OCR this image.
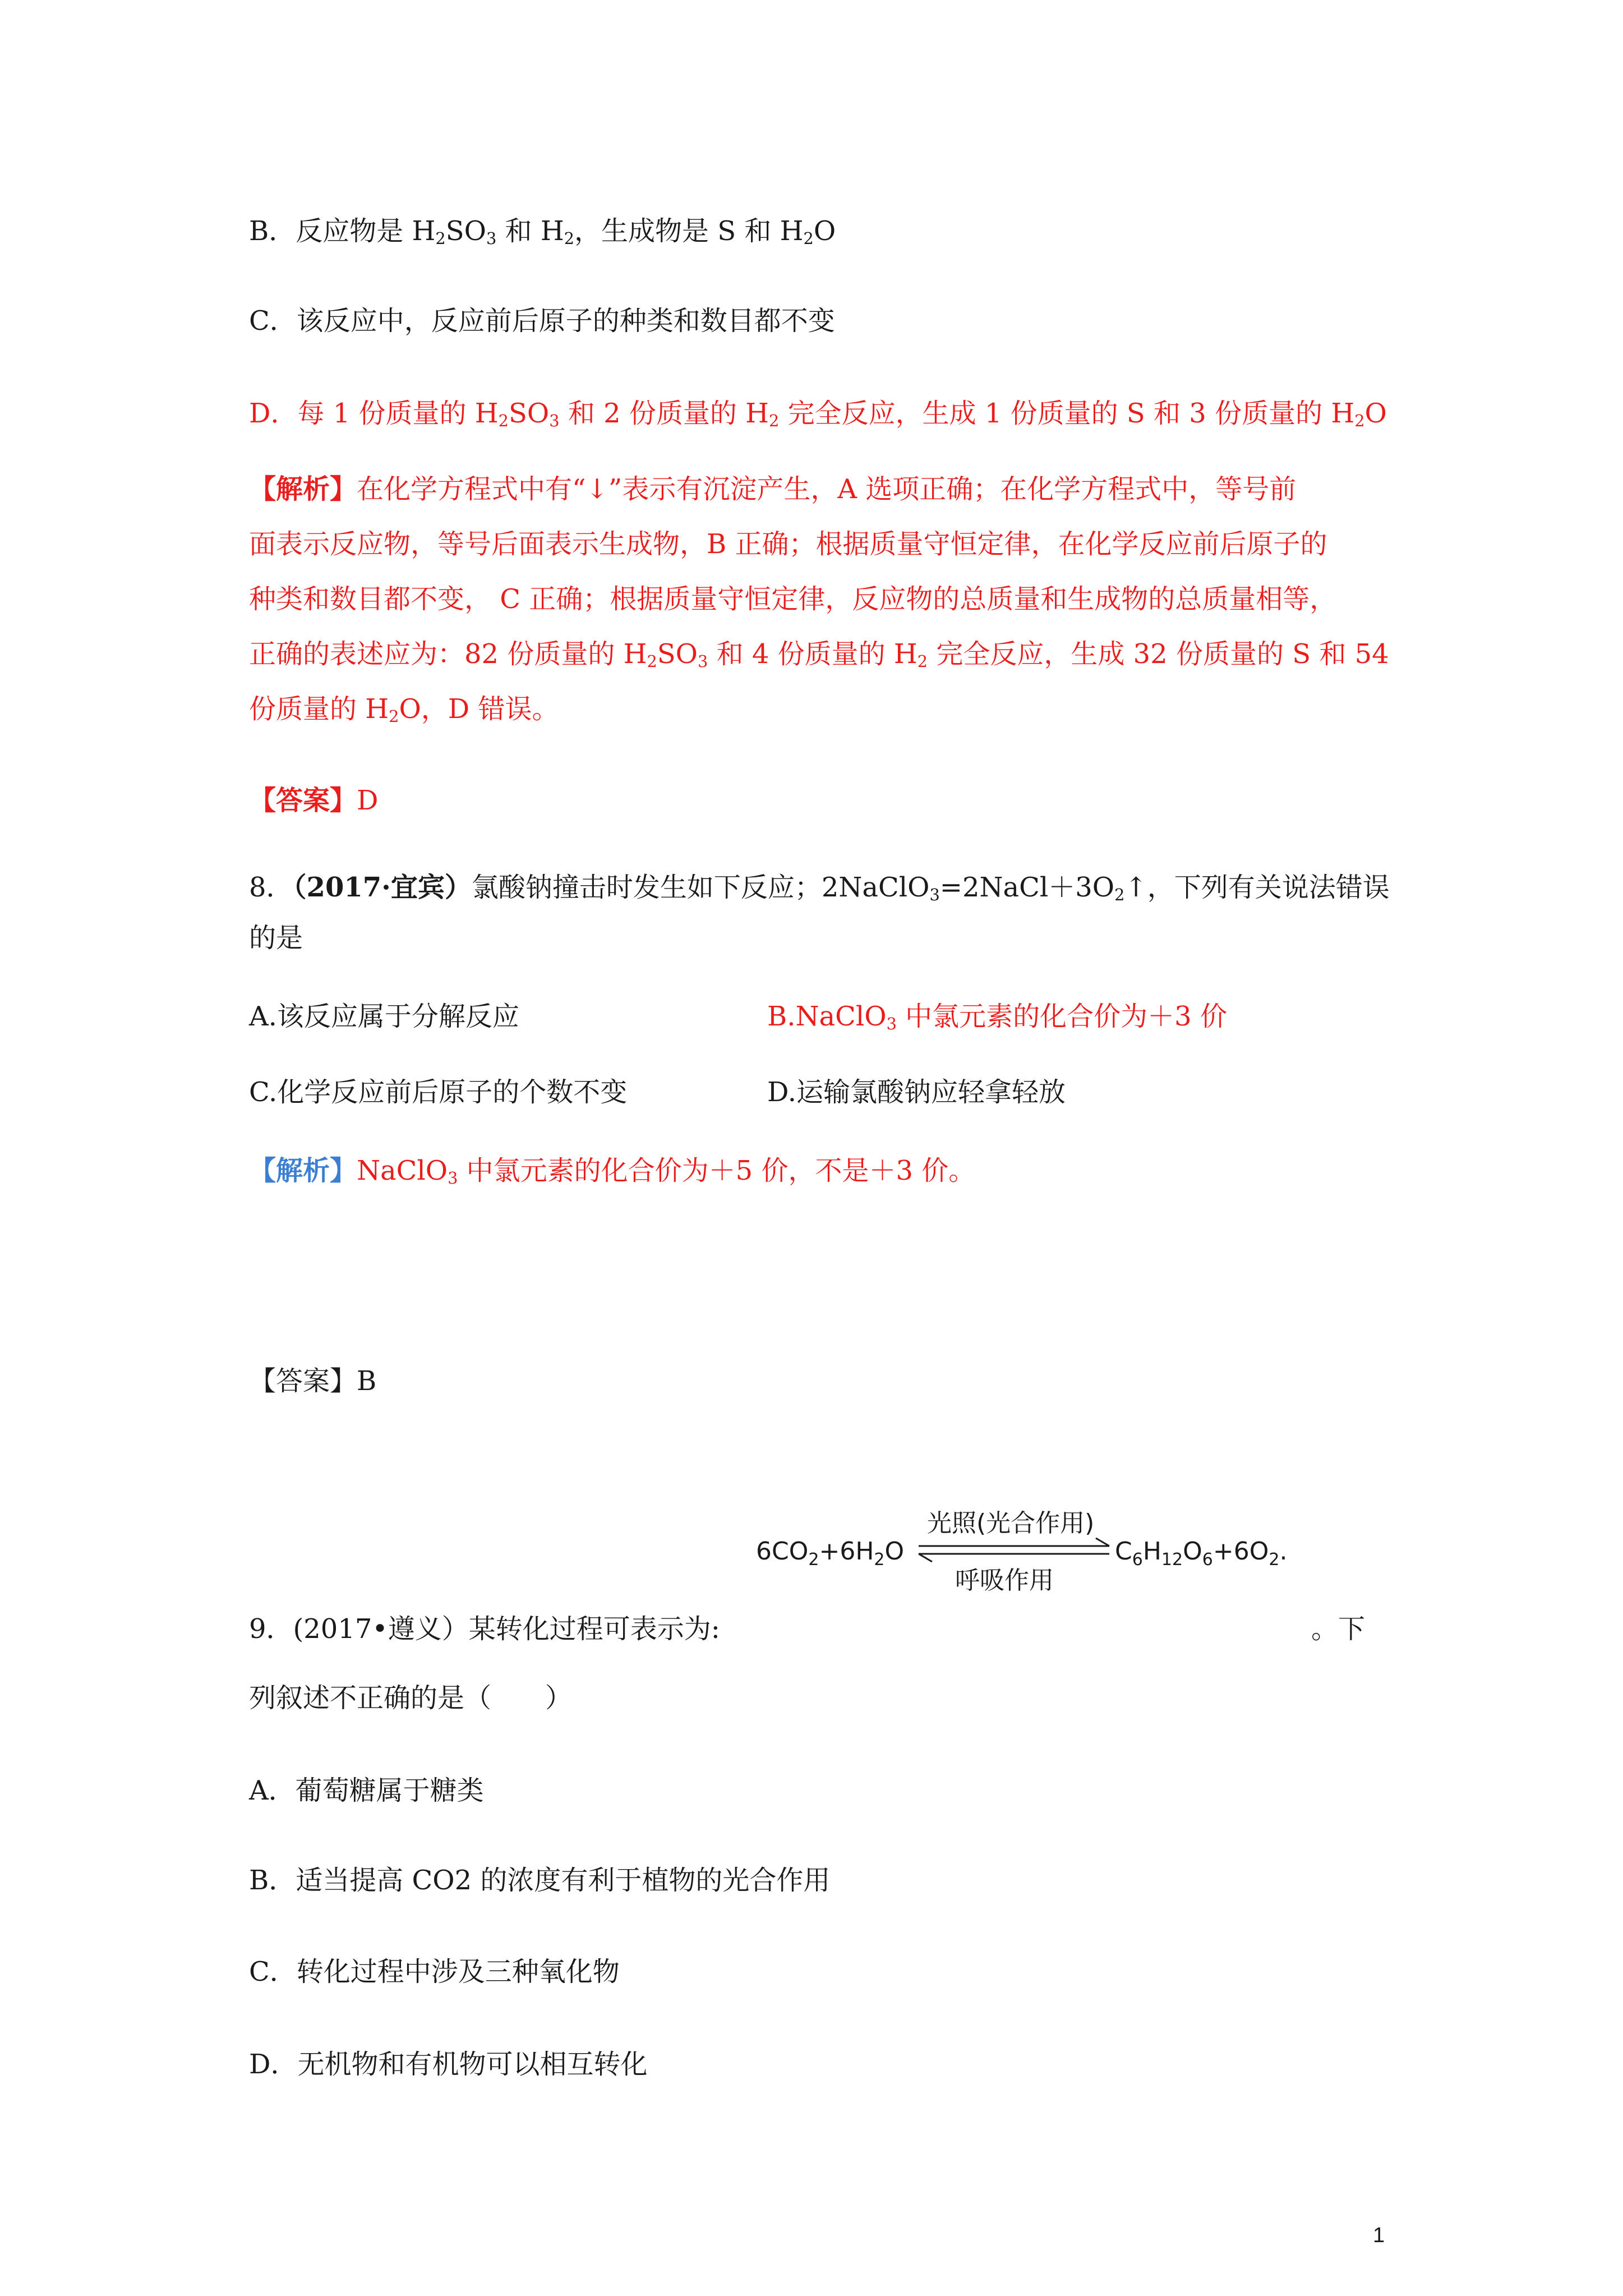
B．反应物是 $H_2SO_3$ 和 $H_2$，生成物是 S 和 $H_2O$
C．该反应中，反应前后原子的种类和数目都不变
D．每 1 份质量的 $H_2SO_3$ 和 2 份质量的 $H_2$ 完全反应，生成 1 份质量的 S 和 3 份质量的 $H_2O$
【解析】在化学方程式中有“↓”表示有沉淀产生，A 选项正确；在化学方程式中，等号前
面表示反应物，等号后面表示生成物，B 正确；根据质量守恒定律，在化学反应前后原子的
种类和数目都不变， C 正确；根据质量守恒定律，反应物的总质量和生成物的总质量相等，
正确的表述应为：82 份质量的 $H_2SO_3$ 和 4 份质量的 $H_2$ 完全反应，生成 32 份质量的 S 和 54
份质量的 $H_2O$，D 错误。
【答案】D
8．（2017·宜宾）氯酸钠撞击时发生如下反应；$2NaClO_3=2NaCl+3O_2↑$，下列有关说法错误
的是
A.该反应属于分解反应	B.NaClO$_3$ 中氯元素的化合价为＋3 价
C.化学反应前后原子的个数不变	D.运输氯酸钠应轻拿轻放
【解析】NaClO$_3$ 中氯元素的化合价为＋5 价，不是＋3 价。
【答案】B
光照(光合作用)
$6CO_2+6H_2O$	$C_6H_{12}O_6+6O_2$.
呼吸作用
9．(2017•遵义）某转化过程可表示为:	。下
列叙述不正确的是（　　）
A．葡萄糖属于糖类
B．适当提高 CO2 的浓度有利于植物的光合作用
C．转化过程中涉及三种氧化物
D．无机物和有机物可以相互转化
1
